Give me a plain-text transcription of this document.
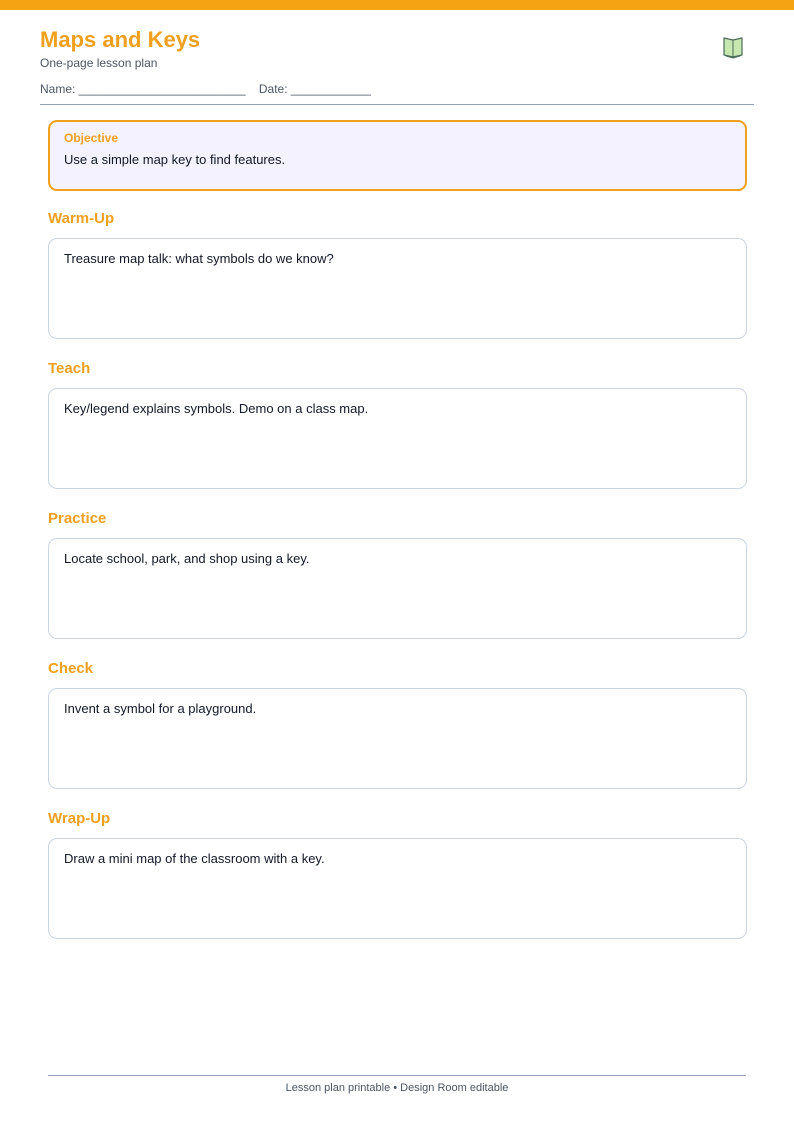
Maps and Keys
One-page lesson plan
Name: _________________________    Date: ____________
Objective
Use a simple map key to find features.
Warm-Up
Treasure map talk: what symbols do we know?
Teach
Key/legend explains symbols. Demo on a class map.
Practice
Locate school, park, and shop using a key.
Check
Invent a symbol for a playground.
Wrap-Up
Draw a mini map of the classroom with a key.
Lesson plan printable • Design Room editable
